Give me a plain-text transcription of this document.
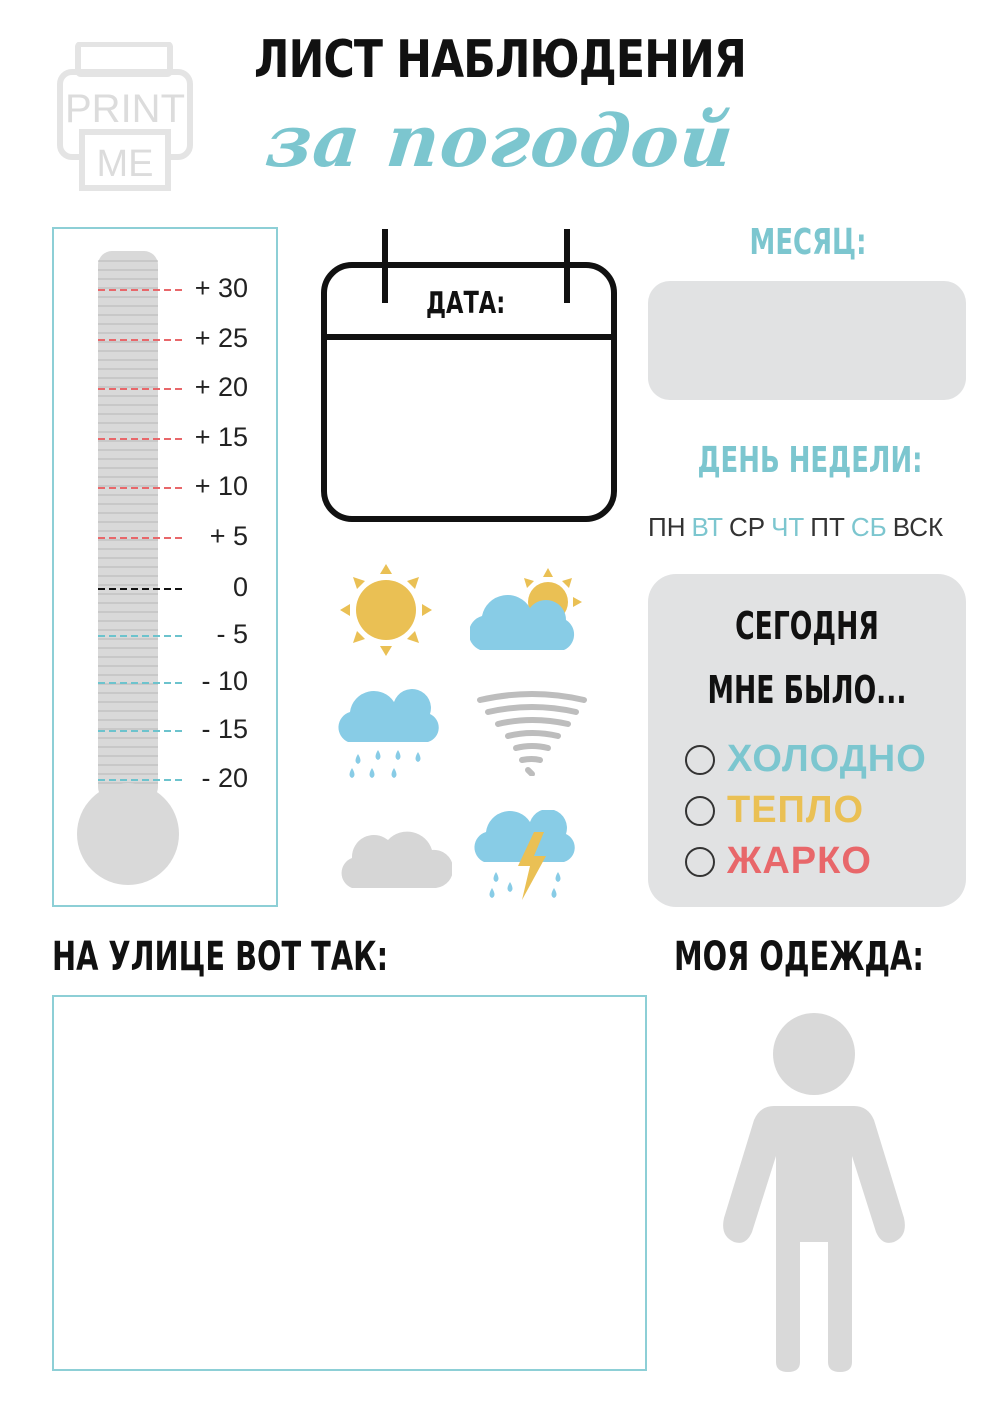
PRINT
ME
ЛИСТ НАБЛЮДЕНИЯ
за погодой
+ 30
+ 25
+ 20
+ 15
+ 10
+ 5
0
- 5
- 10
- 15
- 20
ДАТА:
МЕСЯЦ:
ДЕНЬ НЕДЕЛИ:
ПН ВТ СР ЧТ ПТ СБ ВСК
СЕГОДНЯ
МНЕ БЫЛО...
ХОЛОДНО
ТЕПЛО
ЖАРКО
НА УЛИЦЕ ВОТ ТАК:	МОЯ ОДЕЖДА:
